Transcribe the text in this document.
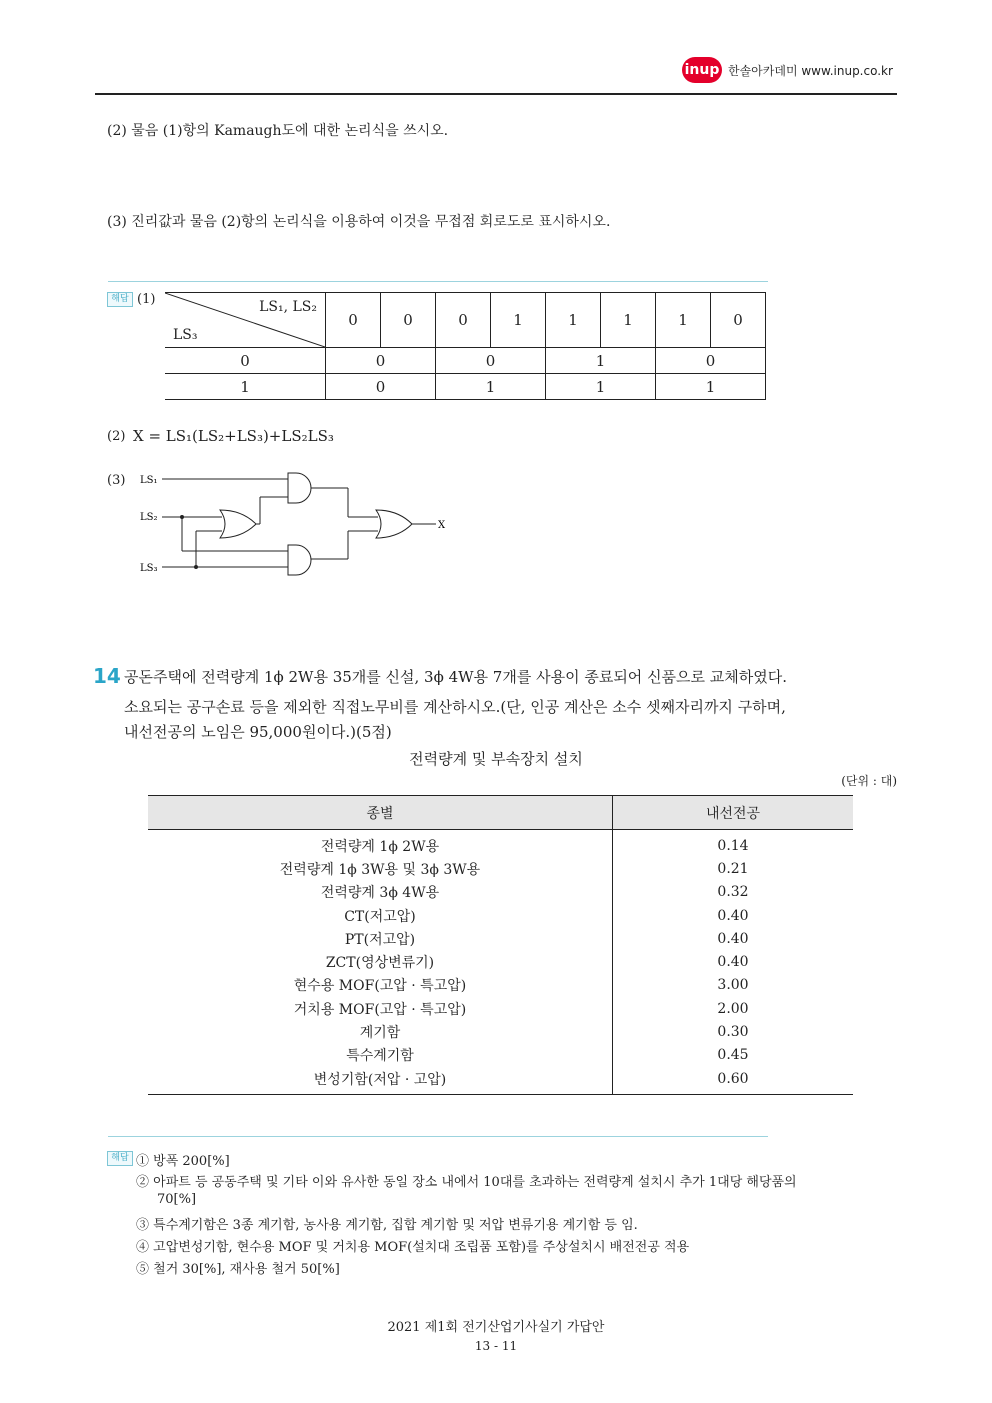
inup 한솔아카데미 www.inup.co.kr
(2) 물음 (1)항의 Kamaugh도에 대한 논리식을 쓰시오.
(3) 진리값과 물음 (2)항의 논리식을 이용하여 이것을 무접점 회로도로 표시하시오.
해답 (1)	LS₁, LS₂
LS₃	0	0	0	1	1	1	1	0
0	0		0		1		0	
1	0		1		1		1	
(2) X = LS₁(LS₂+LS₃)+LS₂LS₃
(3) LS₁
LS₂
LS₃
X
14 공돈주택에 전력량계 1ϕ 2W용 35개를 신설, 3ϕ 4W용 7개를 사용이 종료되어 신품으로 교체하였다.
소요되는 공구손료 등을 제외한 직접노무비를 계산하시오.(단, 인공 계산은 소수 셋째자리까지 구하며,
내선전공의 노임은 95,000원이다.)(5점)
전력량계 및 부속장치 설치
(단위 : 대)
종별	내선전공
전력량계 1ϕ 2W용	0.14
전력량계 1ϕ 3W용 및 3ϕ 3W용	0.21
전력량계 3ϕ 4W용	0.32
CT(저고압)	0.40
PT(저고압)	0.40
ZCT(영상변류기)	0.40
현수용 MOF(고압 · 특고압)	3.00
거치용 MOF(고압 · 특고압)	2.00
계기함	0.30
특수계기함	0.45
변성기함(저압 · 고압)	0.60
해답 ① 방폭 200[%]
② 아파트 등 공동주택 및 기타 이와 유사한 동일 장소 내에서 10대를 초과하는 전력량계 설치시 추가 1대당 해당품의
70[%]
③ 특수계기함은 3종 계기함, 농사용 계기함, 집합 계기함 및 저압 변류기용 계기함 등 임.
④ 고압변성기함, 현수용 MOF 및 거치용 MOF(설치대 조립품 포함)를 주상설치시 배전전공 적용
⑤ 철거 30[%], 재사용 철거 50[%]
2021 제1회 전기산업기사실기 가답안
13 - 11
